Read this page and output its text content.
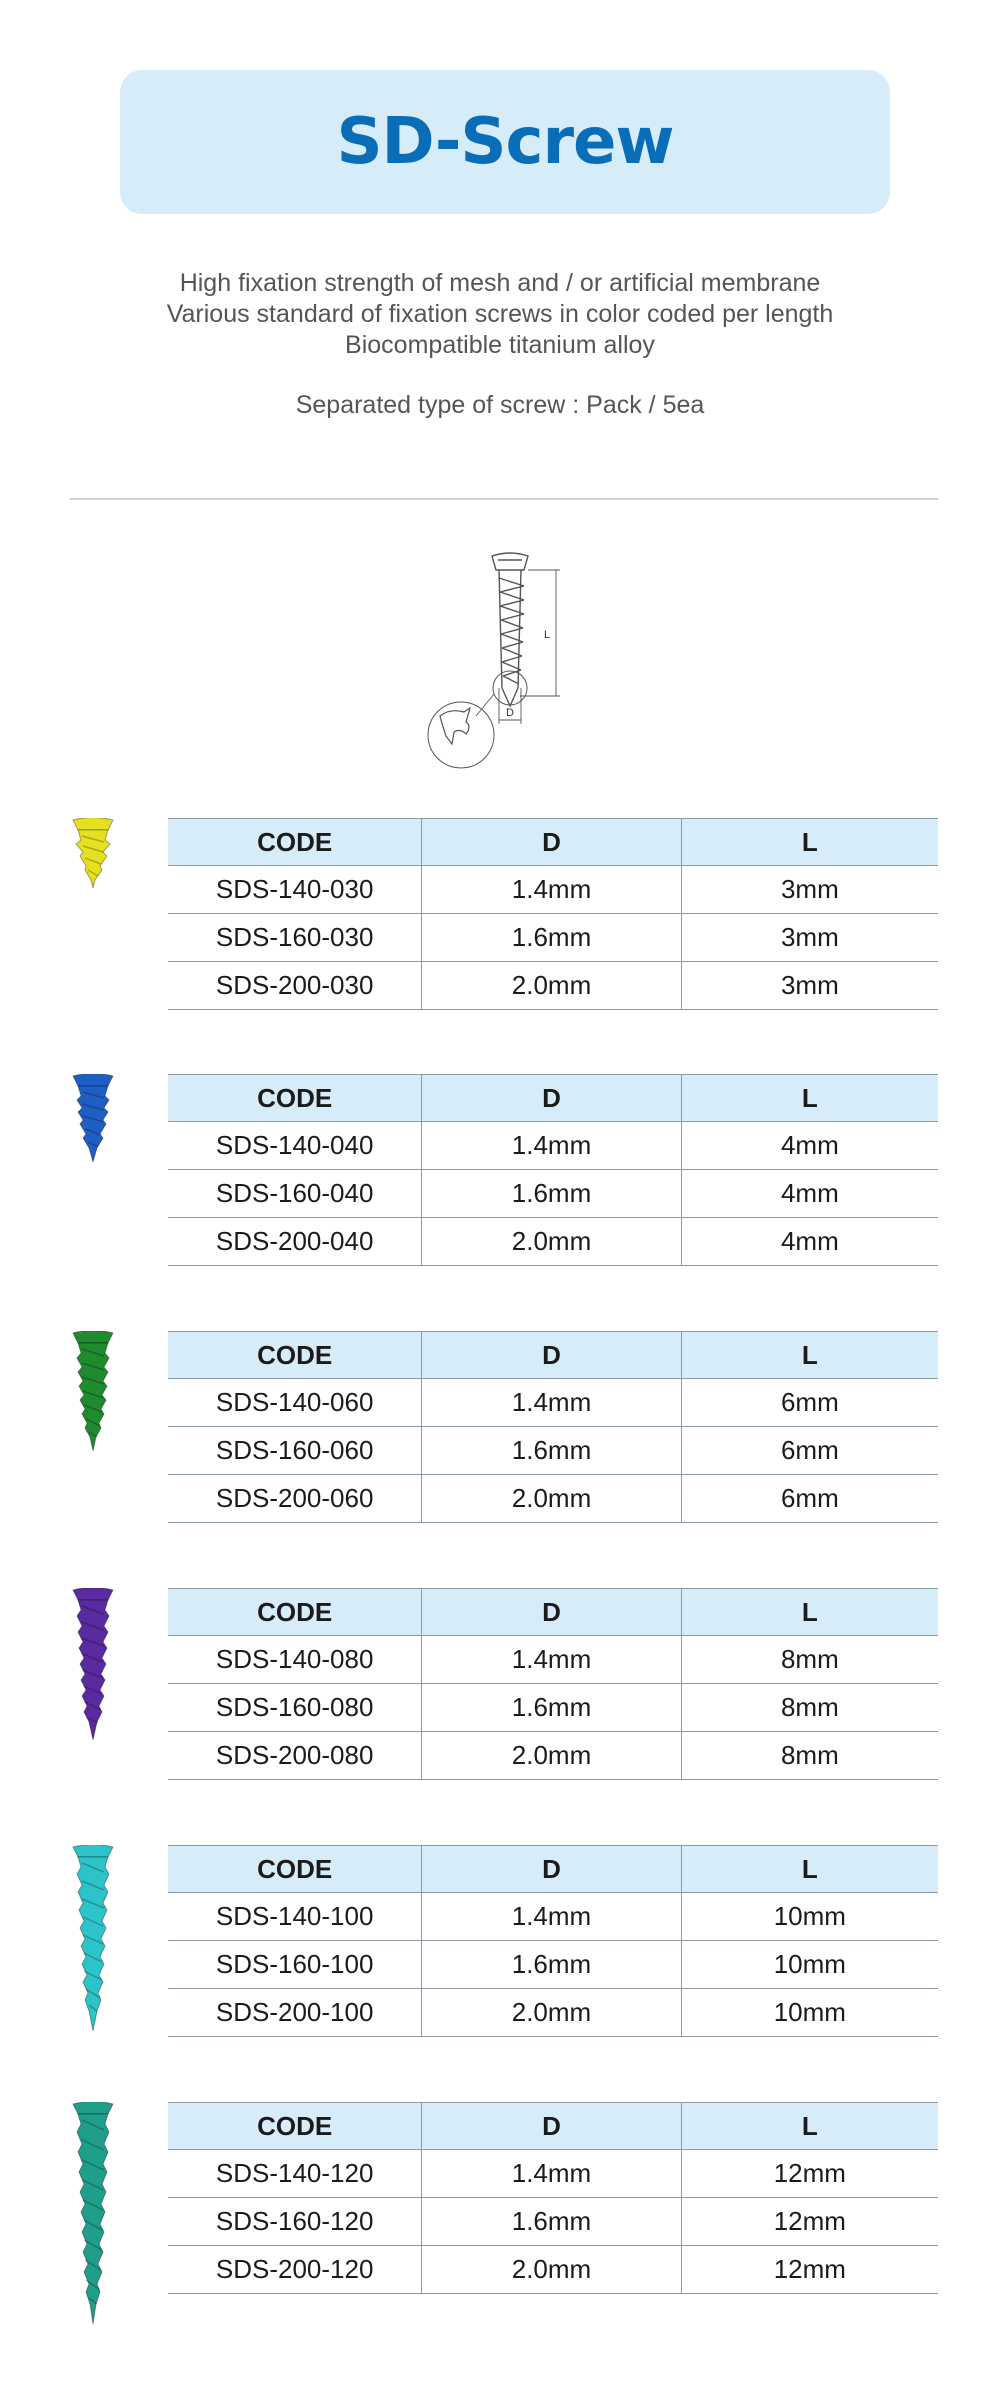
SD-Screw
High fixation strength of mesh and / or artificial membrane
Various standard of fixation screws in color coded per length
Biocompatible titanium alloy
Separated type of screw : Pack / 5ea
L
D
CODE	D	L
SDS-140-030	1.4mm	3mm
SDS-160-030	1.6mm	3mm
SDS-200-030	2.0mm	3mm
CODE	D	L
SDS-140-040	1.4mm	4mm
SDS-160-040	1.6mm	4mm
SDS-200-040	2.0mm	4mm
CODE	D	L
SDS-140-060	1.4mm	6mm
SDS-160-060	1.6mm	6mm
SDS-200-060	2.0mm	6mm
CODE	D	L
SDS-140-080	1.4mm	8mm
SDS-160-080	1.6mm	8mm
SDS-200-080	2.0mm	8mm
CODE	D	L
SDS-140-100	1.4mm	10mm
SDS-160-100	1.6mm	10mm
SDS-200-100	2.0mm	10mm
CODE	D	L
SDS-140-120	1.4mm	12mm
SDS-160-120	1.6mm	12mm
SDS-200-120	2.0mm	12mm
